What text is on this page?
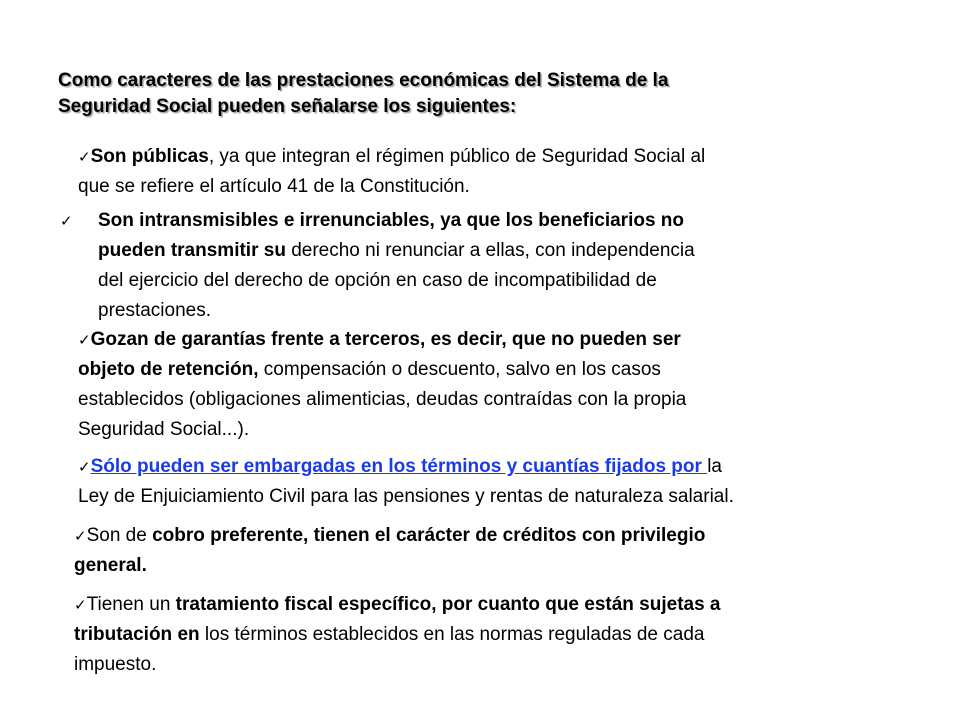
Como caracteres de las prestaciones económicas del Sistema de la
Seguridad Social pueden señalarse los siguientes:

✓Son públicas, ya que integran el régimen público de Seguridad Social al
que se refiere el artículo 41 de la Constitución.

✓ Son intransmisibles e irrenunciables, ya que los beneficiarios no

pueden transmitir su derecho ni renunciar a ellas, con independencia
del ejercicio del derecho de opción en caso de incompatibilidad de
prestaciones.

✓Gozan de garantías frente a terceros, es decir, que no pueden ser
objeto de retención, compensación o descuento, salvo en los casos
establecidos (obligaciones alimenticias, deudas contraídas con la propia
Seguridad Social...).

✓Sólo pueden ser embargadas en los términos y cuantías fijados por la
Ley de Enjuiciamiento Civil para las pensiones y rentas de naturaleza salarial.

✓Son de cobro preferente, tienen el carácter de créditos con privilegio
general.

✓Tienen un tratamiento fiscal específico, por cuanto que están sujetas a
tributación en los términos establecidos en las normas reguladas de cada
impuesto.
